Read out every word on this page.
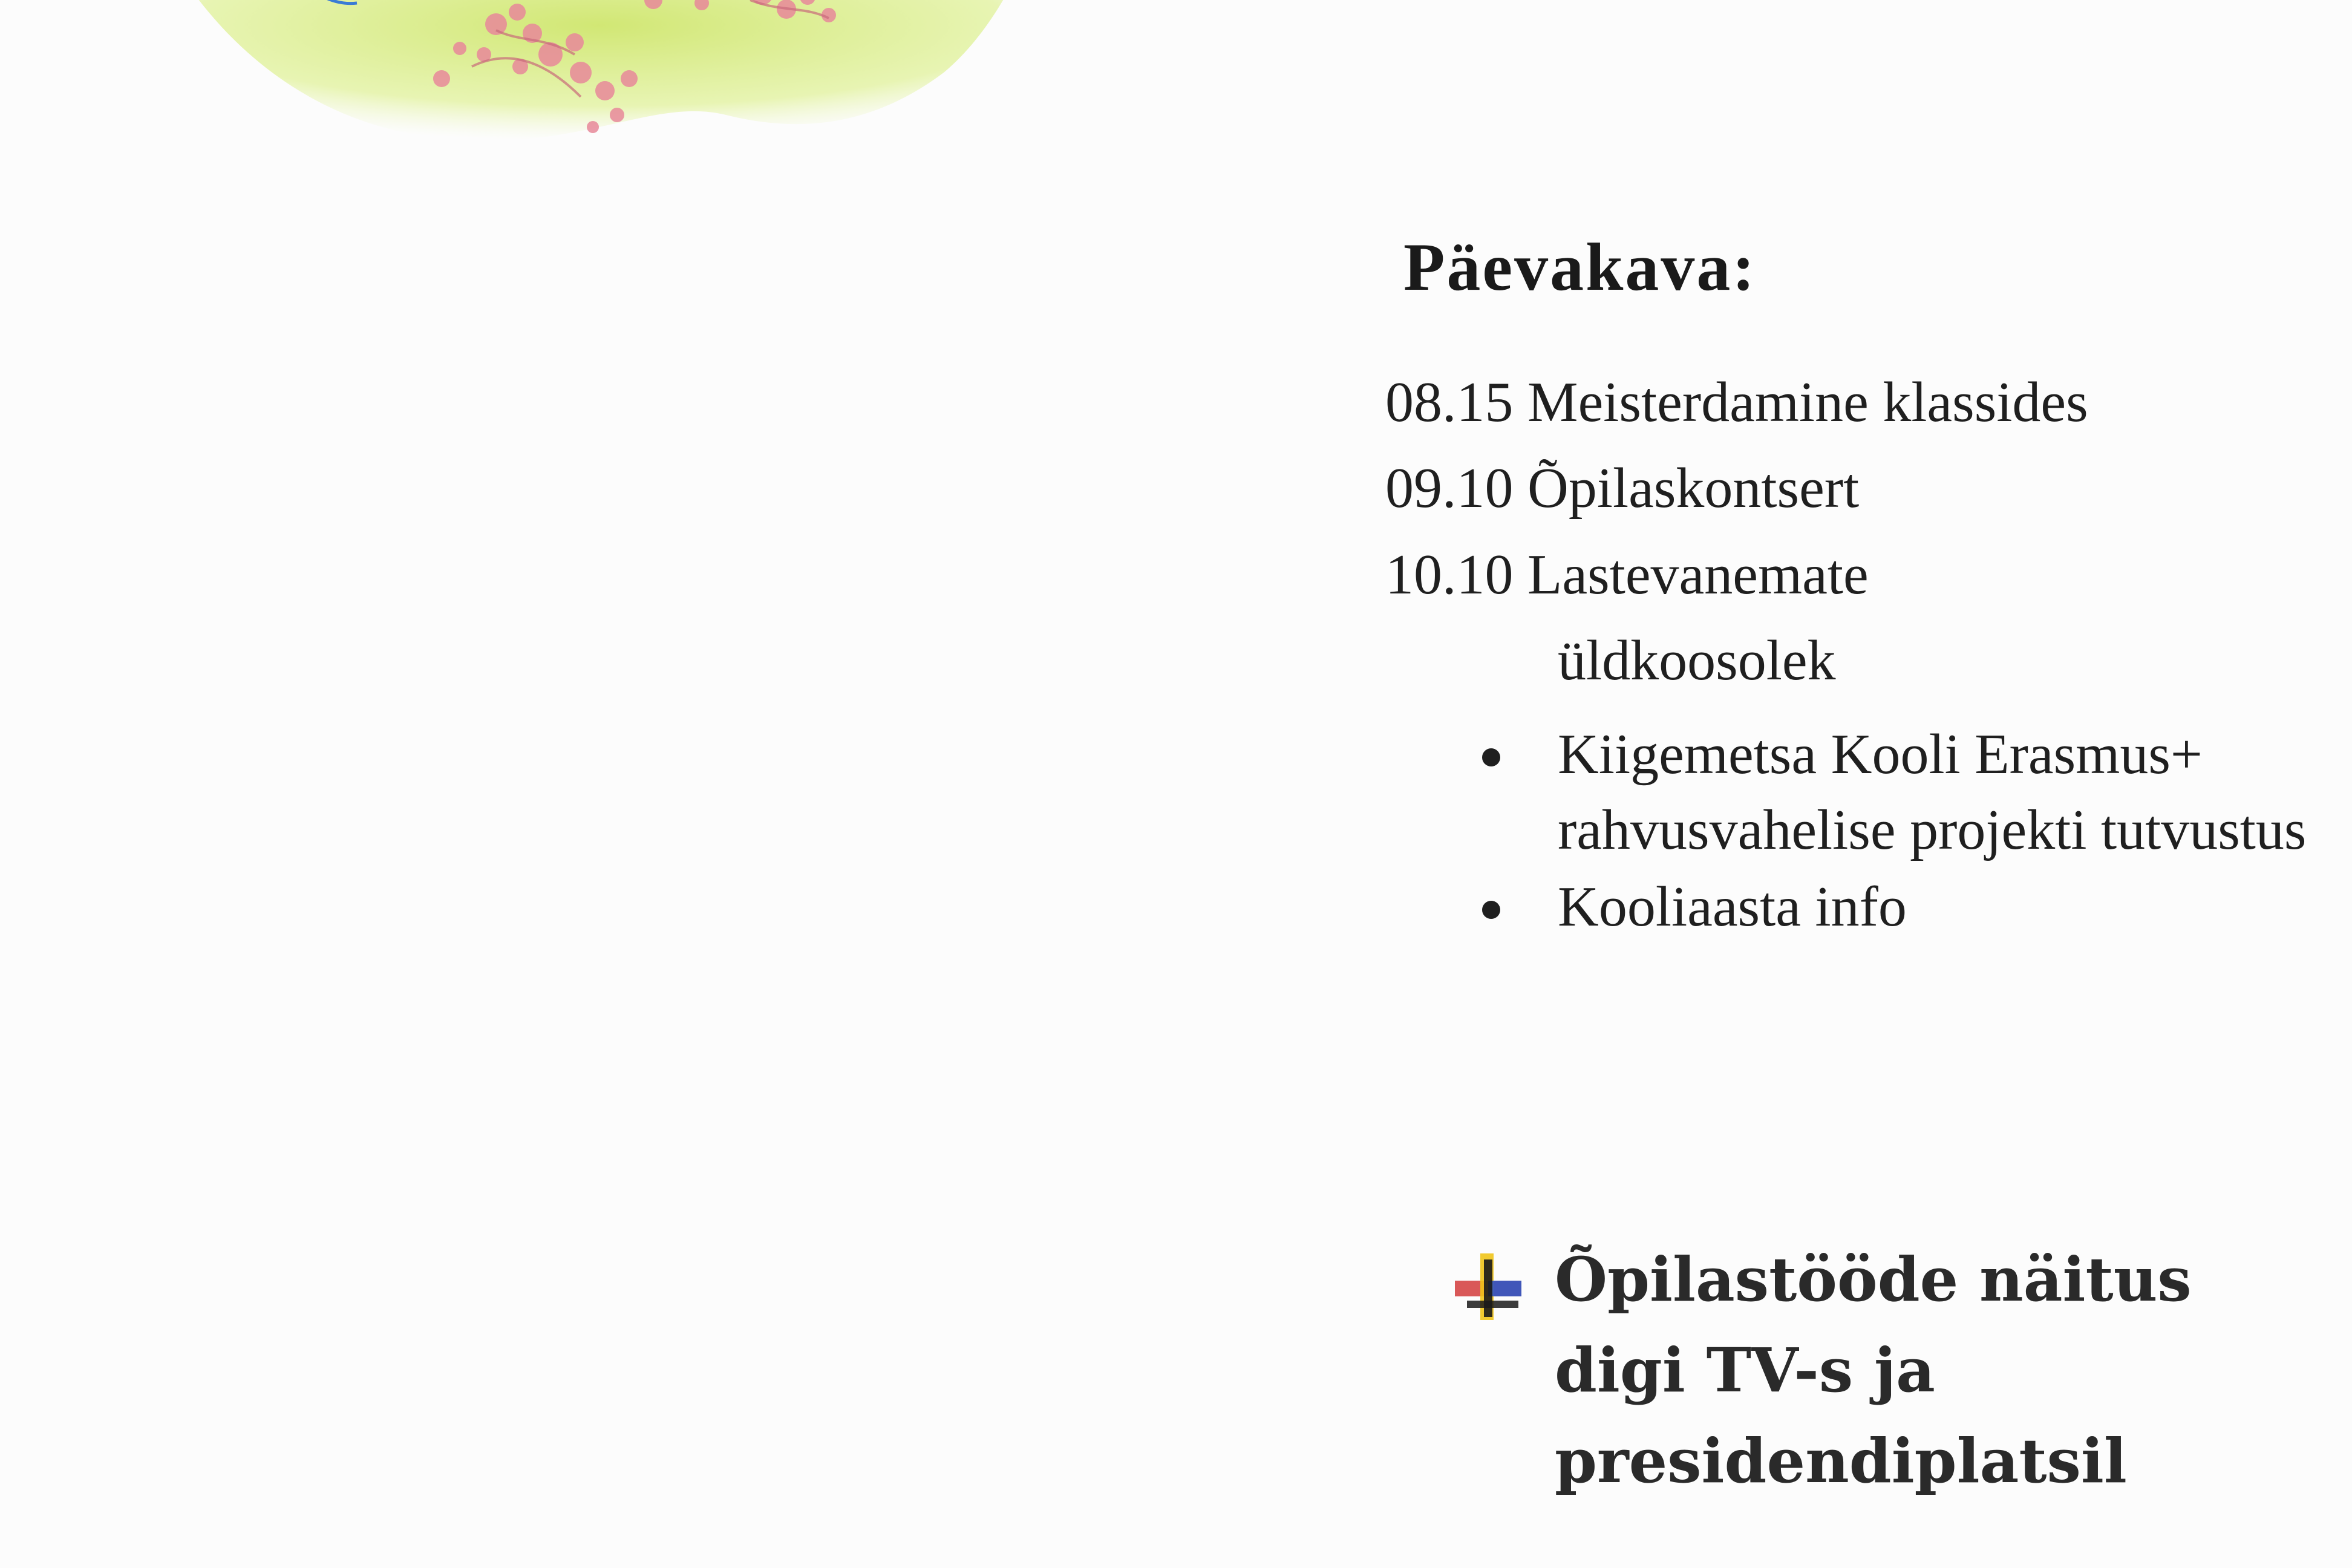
Päevakava:
08.15 Meisterdamine klassides
09.10 Õpilaskontsert
10.10 Lastevanemate
üldkoosolek
Kiigemetsa Kooli Erasmus+ rahvusvahelise projekti tutvustus
Kooliaasta info
Õpilastööde näitus
digi TV-s ja
presidendiplatsil
